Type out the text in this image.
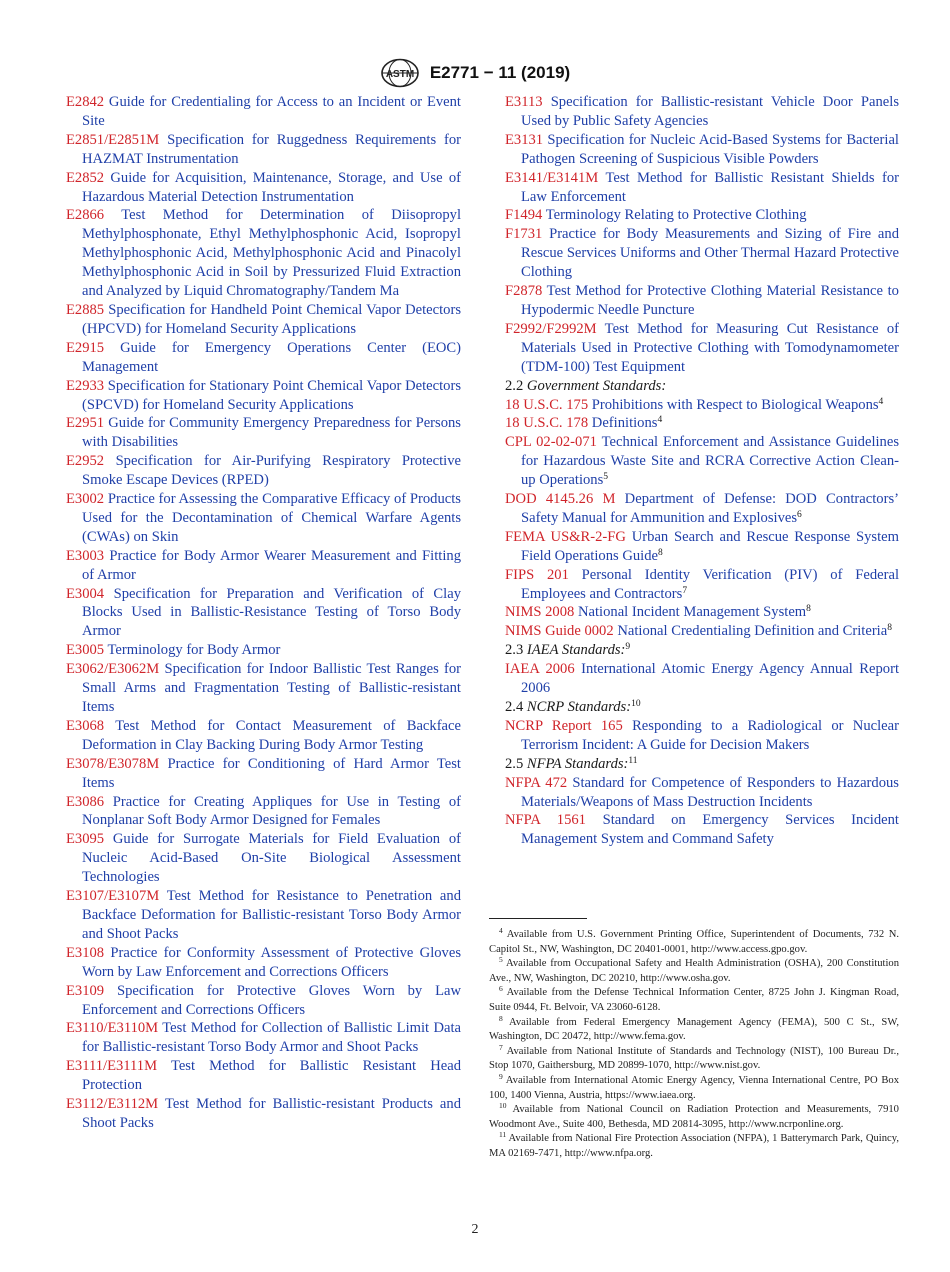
ASTM E2771 − 11 (2019)

E2842 Guide for Credentialing for Access to an Incident or Event Site

E2851/E2851M Specification for Ruggedness Requirements for HAZMAT Instrumentation

E2852 Guide for Acquisition, Maintenance, Storage, and Use of Hazardous Material Detection Instrumentation

E2866 Test Method for Determination of Diisopropyl Methylphosphonate, Ethyl Methylphosphonic Acid, Isopropyl Methylphosphonic Acid, Methylphosphonic Acid and Pinacolyl Methylphosphonic Acid in Soil by Pressurized Fluid Extraction and Analyzed by Liquid Chromatography/Tandem Ma

E2885 Specification for Handheld Point Chemical Vapor Detectors (HPCVD) for Homeland Security Applications

E2915 Guide for Emergency Operations Center (EOC) Management

E2933 Specification for Stationary Point Chemical Vapor Detectors (SPCVD) for Homeland Security Applications

E2951 Guide for Community Emergency Preparedness for Persons with Disabilities

E2952 Specification for Air-Purifying Respiratory Protective Smoke Escape Devices (RPED)

E3002 Practice for Assessing the Comparative Efficacy of Products Used for the Decontamination of Chemical Warfare Agents (CWAs) on Skin

E3003 Practice for Body Armor Wearer Measurement and Fitting of Armor

E3004 Specification for Preparation and Verification of Clay Blocks Used in Ballistic-Resistance Testing of Torso Body Armor

E3005 Terminology for Body Armor

E3062/E3062M Specification for Indoor Ballistic Test Ranges for Small Arms and Fragmentation Testing of Ballistic-resistant Items

E3068 Test Method for Contact Measurement of Backface Deformation in Clay Backing During Body Armor Testing

E3078/E3078M Practice for Conditioning of Hard Armor Test Items

E3086 Practice for Creating Appliques for Use in Testing of Nonplanar Soft Body Armor Designed for Females

E3095 Guide for Surrogate Materials for Field Evaluation of Nucleic Acid-Based On-Site Biological Assessment Technologies

E3107/E3107M Test Method for Resistance to Penetration and Backface Deformation for Ballistic-resistant Torso Body Armor and Shoot Packs

E3108 Practice for Conformity Assessment of Protective Gloves Worn by Law Enforcement and Corrections Officers

E3109 Specification for Protective Gloves Worn by Law Enforcement and Corrections Officers

E3110/E3110M Test Method for Collection of Ballistic Limit Data for Ballistic-resistant Torso Body Armor and Shoot Packs

E3111/E3111M Test Method for Ballistic Resistant Head Protection

E3112/E3112M Test Method for Ballistic-resistant Products and Shoot Packs

E3113 Specification for Ballistic-resistant Vehicle Door Panels Used by Public Safety Agencies

E3131 Specification for Nucleic Acid-Based Systems for Bacterial Pathogen Screening of Suspicious Visible Powders

E3141/E3141M Test Method for Ballistic Resistant Shields for Law Enforcement

F1494 Terminology Relating to Protective Clothing

F1731 Practice for Body Measurements and Sizing of Fire and Rescue Services Uniforms and Other Thermal Hazard Protective Clothing

F2878 Test Method for Protective Clothing Material Resistance to Hypodermic Needle Puncture

F2992/F2992M Test Method for Measuring Cut Resistance of Materials Used in Protective Clothing with Tomodynamometer (TDM-100) Test Equipment

2.2 Government Standards:

18 U.S.C. 175 Prohibitions with Respect to Biological Weapons$^4$

18 U.S.C. 178 Definitions$^4$

CPL 02-02-071 Technical Enforcement and Assistance Guidelines for Hazardous Waste Site and RCRA Corrective Action Clean-up Operations$^5$

DOD 4145.26 M Department of Defense: DOD Contractors’ Safety Manual for Ammunition and Explosives$^6$

FEMA US&R-2-FG Urban Search and Rescue Response System Field Operations Guide$^8$

FIPS 201 Personal Identity Verification (PIV) of Federal Employees and Contractors$^7$

NIMS 2008 National Incident Management System$^8$

NIMS Guide 0002 National Credentialing Definition and Criteria$^8$

2.3 IAEA Standards:$^9$

IAEA 2006 International Atomic Energy Agency Annual Report 2006

2.4 NCRP Standards:$^{10}$

NCRP Report 165 Responding to a Radiological or Nuclear Terrorism Incident: A Guide for Decision Makers

2.5 NFPA Standards:$^{11}$

NFPA 472 Standard for Competence of Responders to Hazardous Materials/Weapons of Mass Destruction Incidents

NFPA 1561 Standard on Emergency Services Incident Management System and Command Safety

$^4$ Available from U.S. Government Printing Office, Superintendent of Documents, 732 N. Capitol St., NW, Washington, DC 20401-0001, http://www.access.gpo.gov.

$^5$ Available from Occupational Safety and Health Administration (OSHA), 200 Constitution Ave., NW, Washington, DC 20210, http://www.osha.gov.

$^6$ Available from the Defense Technical Information Center, 8725 John J. Kingman Road, Suite 0944, Ft. Belvoir, VA 23060-6128.

$^8$ Available from Federal Emergency Management Agency (FEMA), 500 C St., SW, Washington, DC 20472, http://www.fema.gov.

$^7$ Available from National Institute of Standards and Technology (NIST), 100 Bureau Dr., Stop 1070, Gaithersburg, MD 20899-1070, http://www.nist.gov.

$^9$ Available from International Atomic Energy Agency, Vienna International Centre, PO Box 100, 1400 Vienna, Austria, https://www.iaea.org.

$^{10}$ Available from National Council on Radiation Protection and Measurements, 7910 Woodmont Ave., Suite 400, Bethesda, MD 20814-3095, http://www.ncrponline.org.

$^{11}$ Available from National Fire Protection Association (NFPA), 1 Batterymarch Park, Quincy, MA 02169-7471, http://www.nfpa.org.

2
